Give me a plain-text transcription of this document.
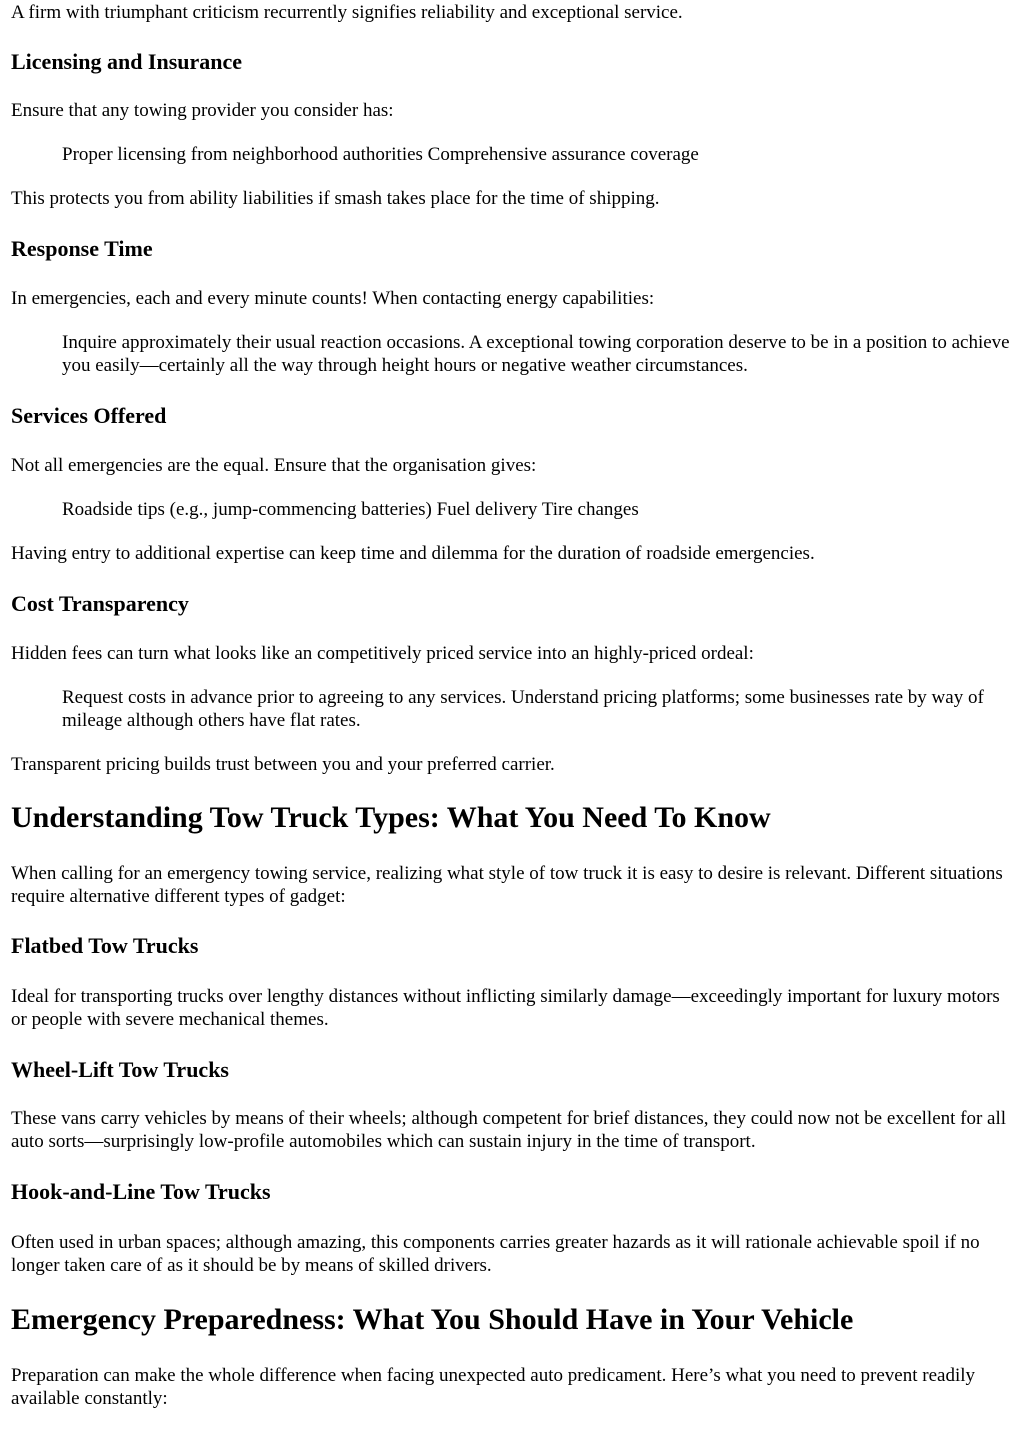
A firm with triumphant criticism recurrently signifies reliability and exceptional service.

Licensing and Insurance

Ensure that any towing provider you consider has:

Proper licensing from neighborhood authorities Comprehensive assurance coverage

This protects you from ability liabilities if smash takes place for the time of shipping.

Response Time

In emergencies, each and every minute counts! When contacting energy capabilities:

Inquire approximately their usual reaction occasions. A exceptional towing corporation deserve to be in a position to achieve you easily—certainly all the way through height hours or negative weather circumstances.

Services Offered

Not all emergencies are the equal. Ensure that the organisation gives:

Roadside tips (e.g., jump-commencing batteries) Fuel delivery Tire changes

Having entry to additional expertise can keep time and dilemma for the duration of roadside emergencies.

Cost Transparency

Hidden fees can turn what looks like an competitively priced service into an highly-priced ordeal:

Request costs in advance prior to agreeing to any services. Understand pricing platforms; some businesses rate by way of mileage although others have flat rates.

Transparent pricing builds trust between you and your preferred carrier.

Understanding Tow Truck Types: What You Need To Know

When calling for an emergency towing service, realizing what style of tow truck it is easy to desire is relevant. Different situations require alternative different types of gadget:

Flatbed Tow Trucks

Ideal for transporting trucks over lengthy distances without inflicting similarly damage—exceedingly important for luxury motors or people with severe mechanical themes.

Wheel-Lift Tow Trucks

These vans carry vehicles by means of their wheels; although competent for brief distances, they could now not be excellent for all auto sorts—surprisingly low-profile automobiles which can sustain injury in the time of transport.

Hook-and-Line Tow Trucks

Often used in urban spaces; although amazing, this components carries greater hazards as it will rationale achievable spoil if no longer taken care of as it should be by means of skilled drivers.

Emergency Preparedness: What You Should Have in Your Vehicle

Preparation can make the whole difference when facing unexpected auto predicament. Here’s what you need to prevent readily available constantly:
